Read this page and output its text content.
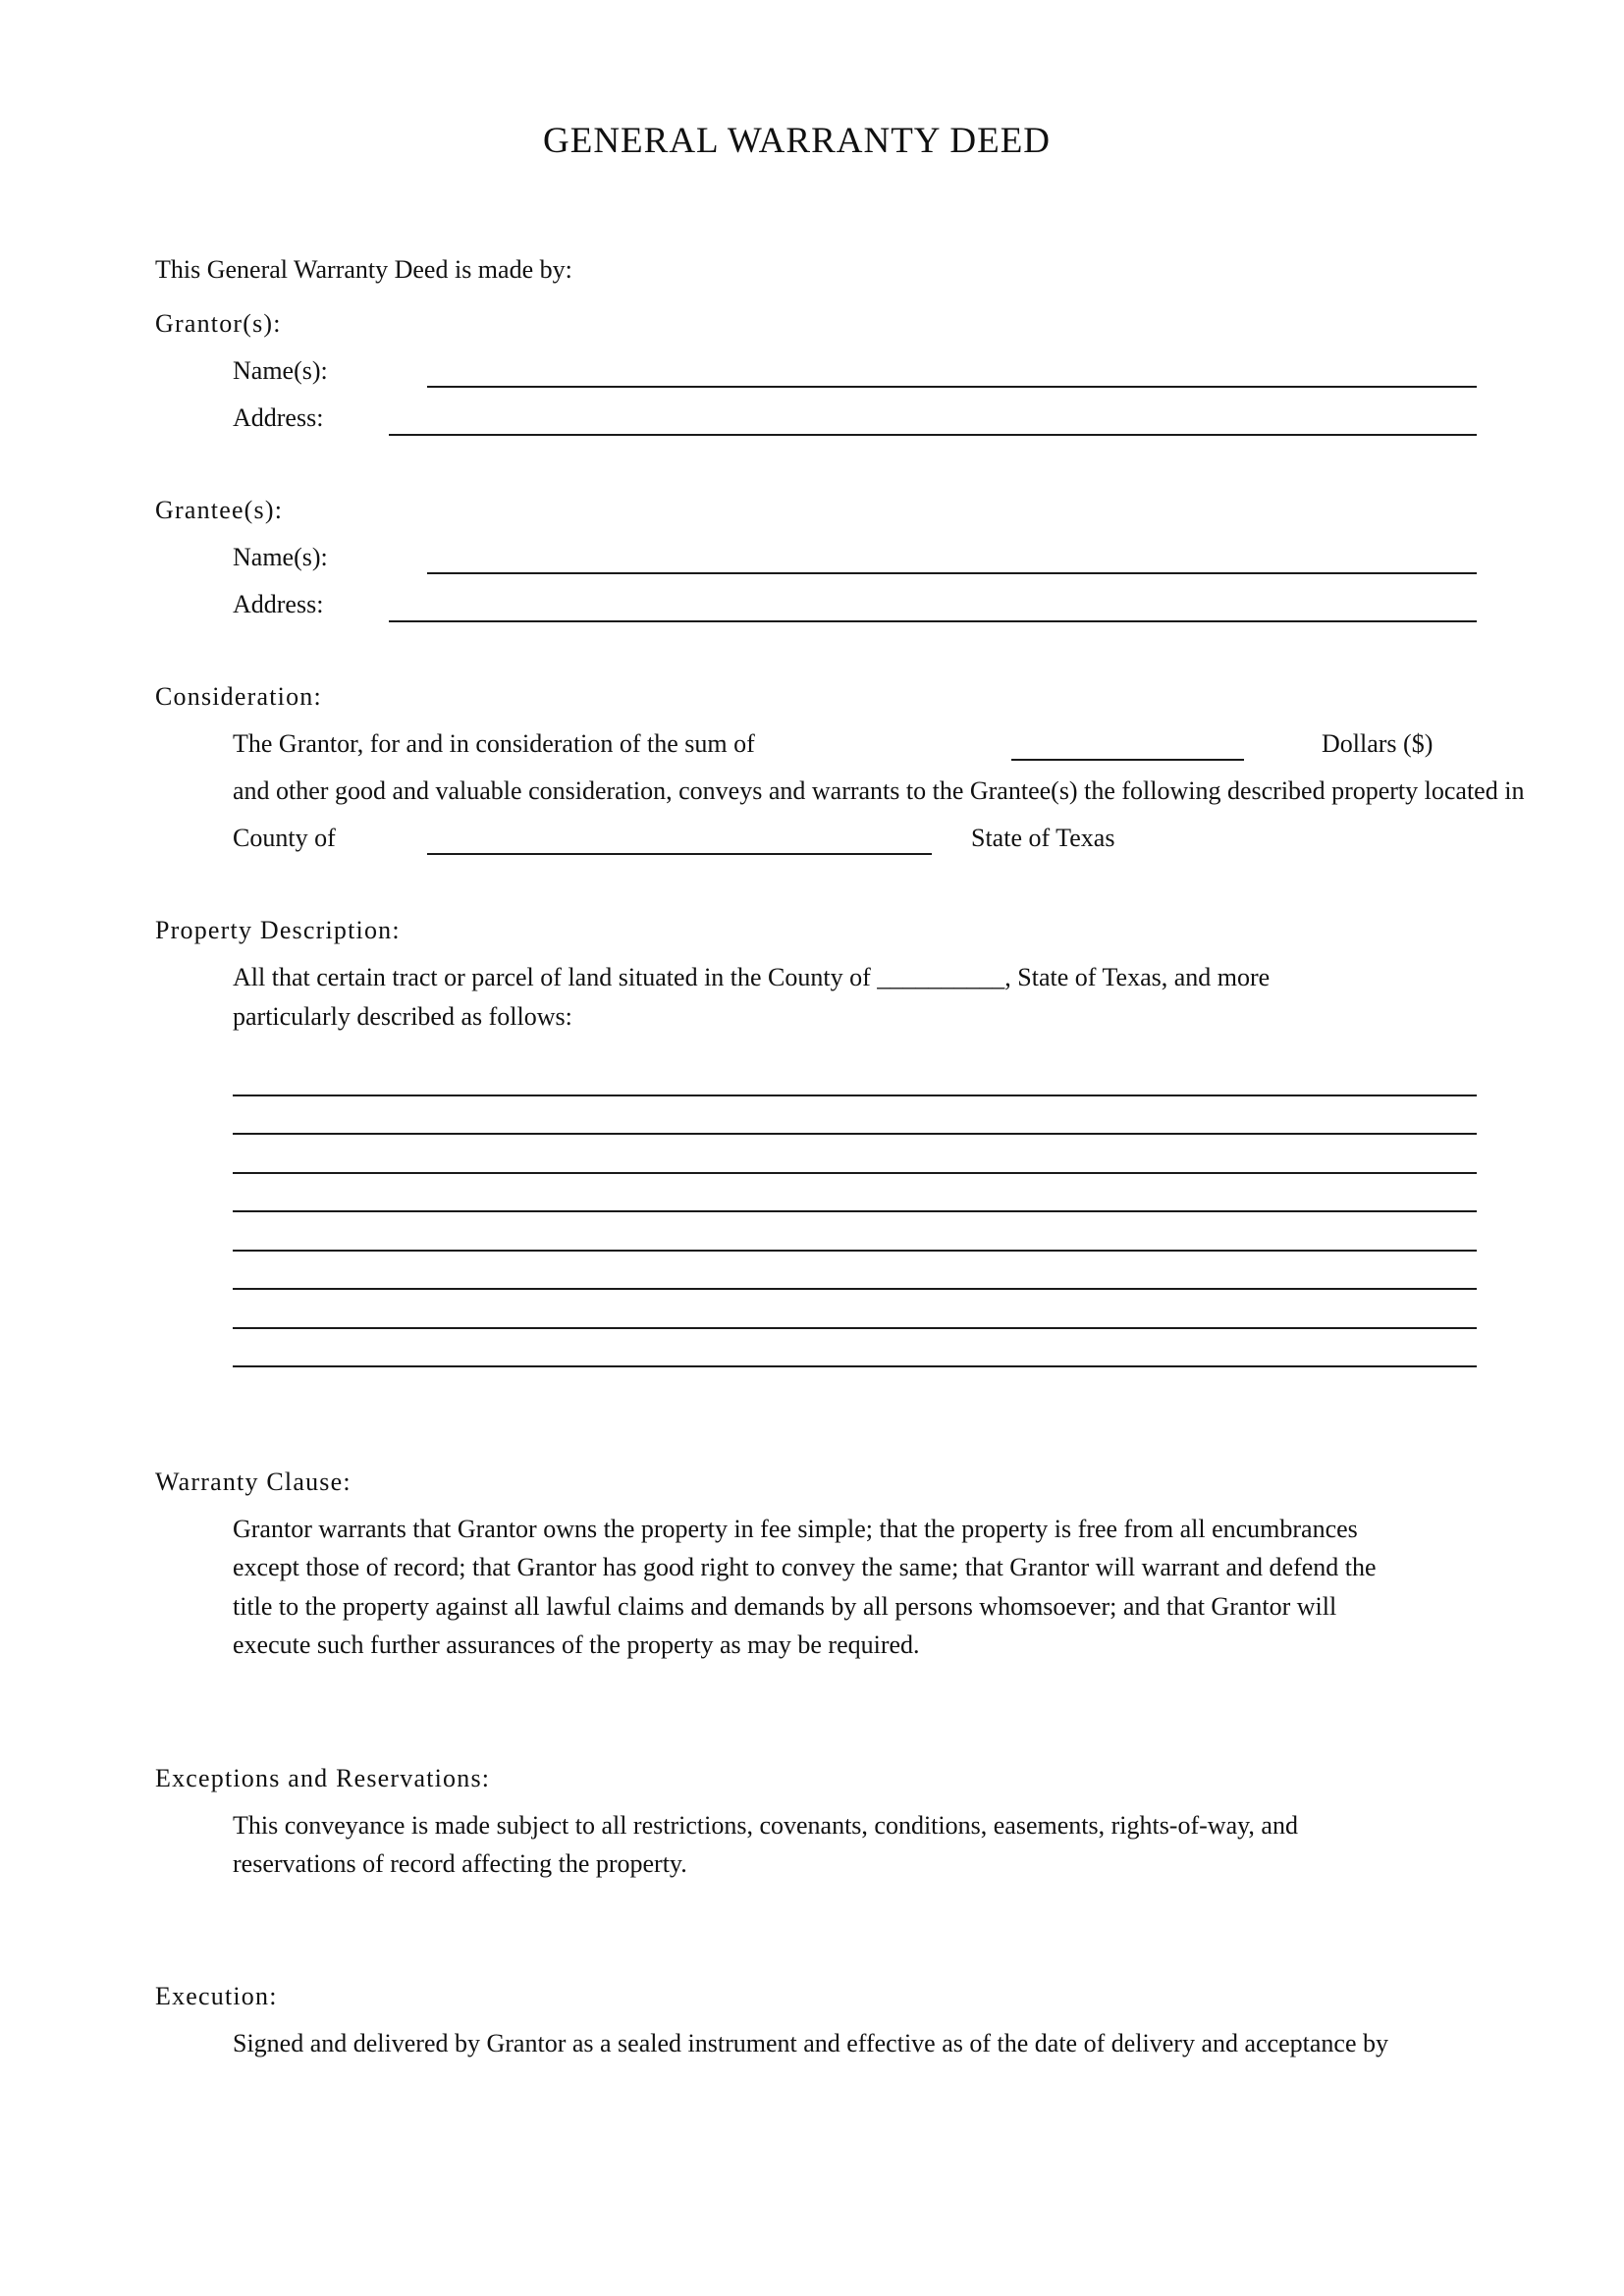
GENERAL WARRANTY DEED
This General Warranty Deed is made by:
Grantor(s):
Name(s):
Address:
Grantee(s):
Name(s):
Address:
Consideration:
The Grantor, for and in consideration of the sum of	Dollars ($)
and other good and valuable consideration, conveys and warrants to the Grantee(s) the following described property located in
County of	State of Texas
Property Description:
All that certain tract or parcel of land situated in the County of __________, State of Texas, and more
particularly described as follows:
Warranty Clause:
Grantor warrants that Grantor owns the property in fee simple; that the property is free from all encumbrances
except those of record; that Grantor has good right to convey the same; that Grantor will warrant and defend the
title to the property against all lawful claims and demands by all persons whomsoever; and that Grantor will
execute such further assurances of the property as may be required.
Exceptions and Reservations:
This conveyance is made subject to all restrictions, covenants, conditions, easements, rights-of-way, and
reservations of record affecting the property.
Execution:
Signed and delivered by Grantor as a sealed instrument and effective as of the date of delivery and acceptance by
